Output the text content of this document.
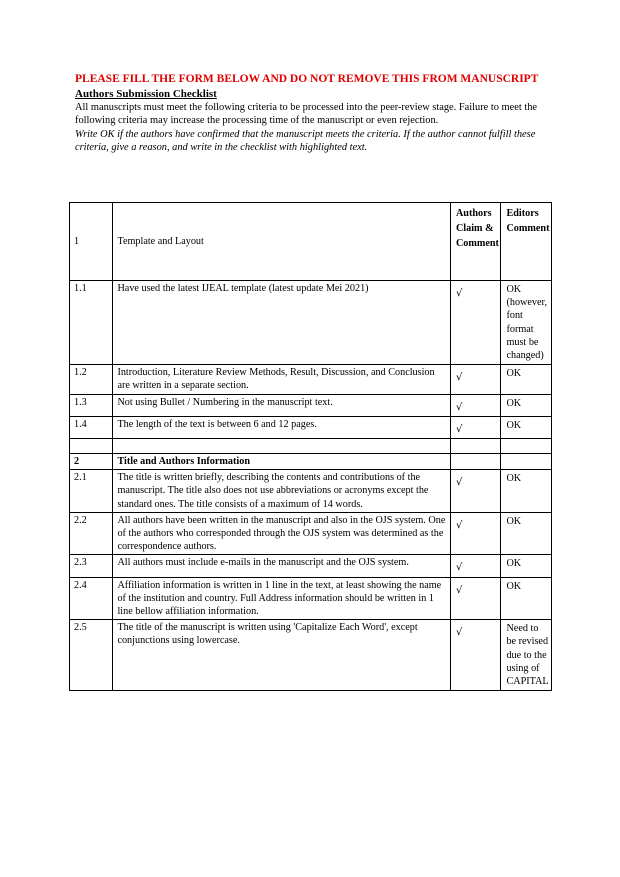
PLEASE FILL THE FORM BELOW AND DO NOT REMOVE THIS FROM MANUSCRIPT
Authors Submission Checklist
All manuscripts must meet the following criteria to be processed into the peer-review stage. Failure to meet the following criteria may increase the processing time of the manuscript or even rejection.
Write OK if the authors have confirmed that the manuscript meets the criteria. If the author cannot fulfill these criteria, give a reason, and write in the checklist with highlighted text.
1	Template and Layout	Authors Claim & Comment	Editors Comment
1.1	Have used the latest IJEAL template (latest update Mei 2021)	√	OK (however, font format must be changed)
1.2	Introduction, Literature Review Methods, Result, Discussion, and Conclusion are written in a separate section.	√	OK
1.3	Not using Bullet / Numbering in the manuscript text.	√	OK
1.4	The length of the text is between 6 and 12 pages.	√	OK

2	Title and Authors Information		
2.1	The title is written briefly, describing the contents and contributions of the manuscript. The title also does not use abbreviations or acronyms except the standard ones. The title consists of a maximum of 14 words.	√	OK
2.2	All authors have been written in the manuscript and also in the OJS system. One of the authors who corresponded through the OJS system was determined as the correspondence authors.	√	OK
2.3	All authors must include e-mails in the manuscript and the OJS system.	√	OK
2.4	Affiliation information is written in 1 line in the text, at least showing the name of the institution and country. Full Address information should be written in 1 line bellow affiliation information.	√	OK
2.5	The title of the manuscript is written using 'Capitalize Each Word', except conjunctions using lowercase.	√	Need to be revised due to the using of CAPITAL
